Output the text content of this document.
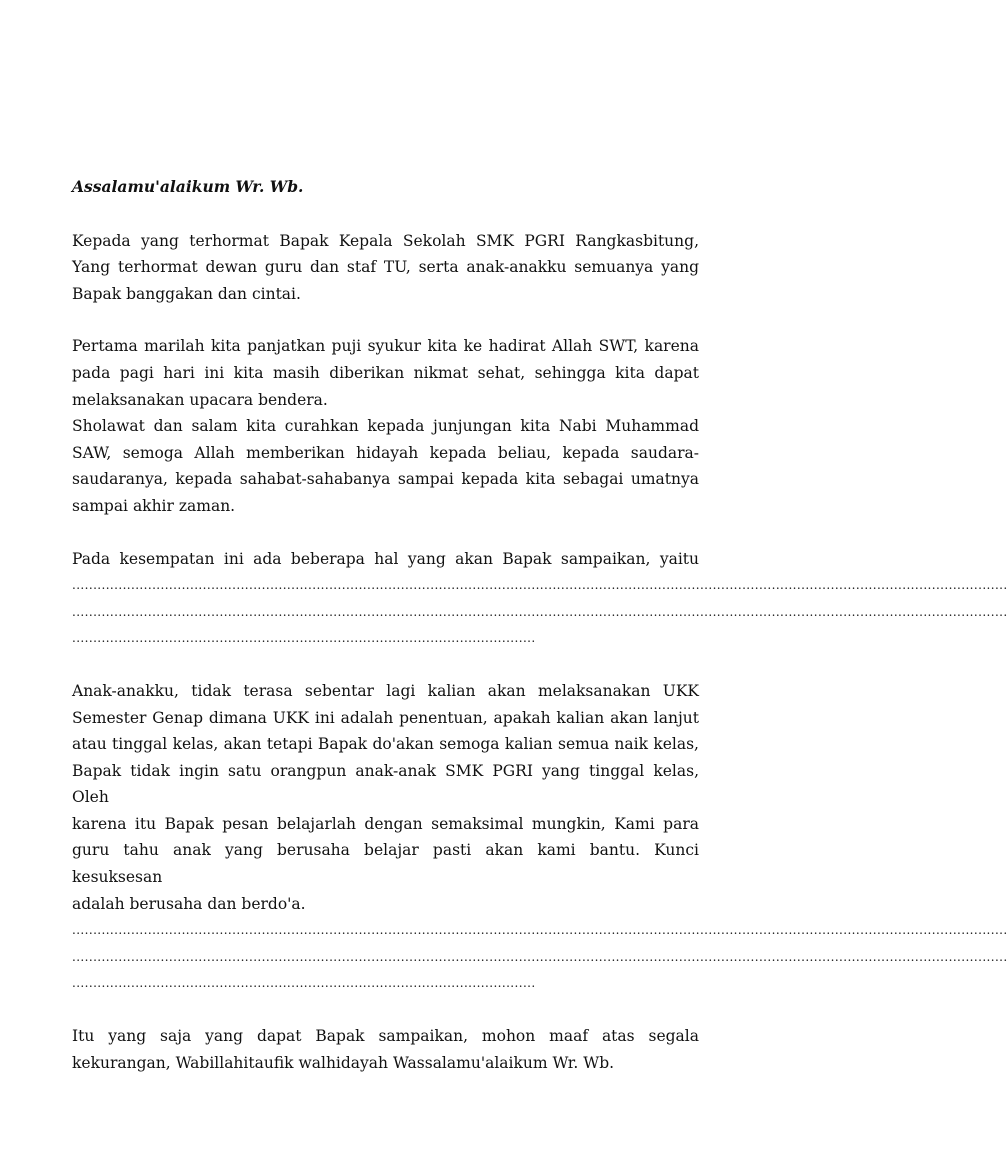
Assalamu'alaikum Wr. Wb.
Kepada yang terhormat Bapak Kepala Sekolah SMK PGRI Rangkasbitung,
Yang terhormat dewan guru dan staf TU, serta anak-anakku semuanya yang
Bapak banggakan dan cintai.
Pertama marilah kita panjatkan puji syukur kita ke hadirat Allah SWT, karena
pada pagi hari ini kita masih diberikan nikmat sehat, sehingga kita dapat
melaksanakan upacara bendera.
Sholawat dan salam kita curahkan kepada junjungan kita Nabi Muhammad
SAW, semoga Allah memberikan hidayah kepada beliau, kepada saudara-
saudaranya, kepada sahabat-sahabanya sampai kepada kita sebagai umatnya
sampai akhir zaman.
Pada kesempatan ini ada beberapa hal yang akan Bapak sampaikan, yaitu
..............................................................................................................................................................................................................................
..............................................................................................................................................................................................................................
..............................................................................................................
Anak-anakku, tidak terasa sebentar lagi kalian akan melaksanakan UKK
Semester Genap dimana UKK ini adalah penentuan, apakah kalian akan lanjut
atau tinggal kelas, akan tetapi Bapak do'akan semoga kalian semua naik kelas,
Bapak tidak ingin satu orangpun anak-anak SMK PGRI yang tinggal kelas, Oleh
karena itu Bapak pesan belajarlah dengan semaksimal mungkin, Kami para
guru tahu anak yang berusaha belajar pasti akan kami bantu. Kunci kesuksesan
adalah berusaha dan berdo'a.
..............................................................................................................................................................................................................................
..............................................................................................................................................................................................................................
..............................................................................................................
Itu yang saja yang dapat Bapak sampaikan, mohon maaf atas segala
kekurangan, Wabillahitaufik walhidayah Wassalamu'alaikum Wr. Wb.
